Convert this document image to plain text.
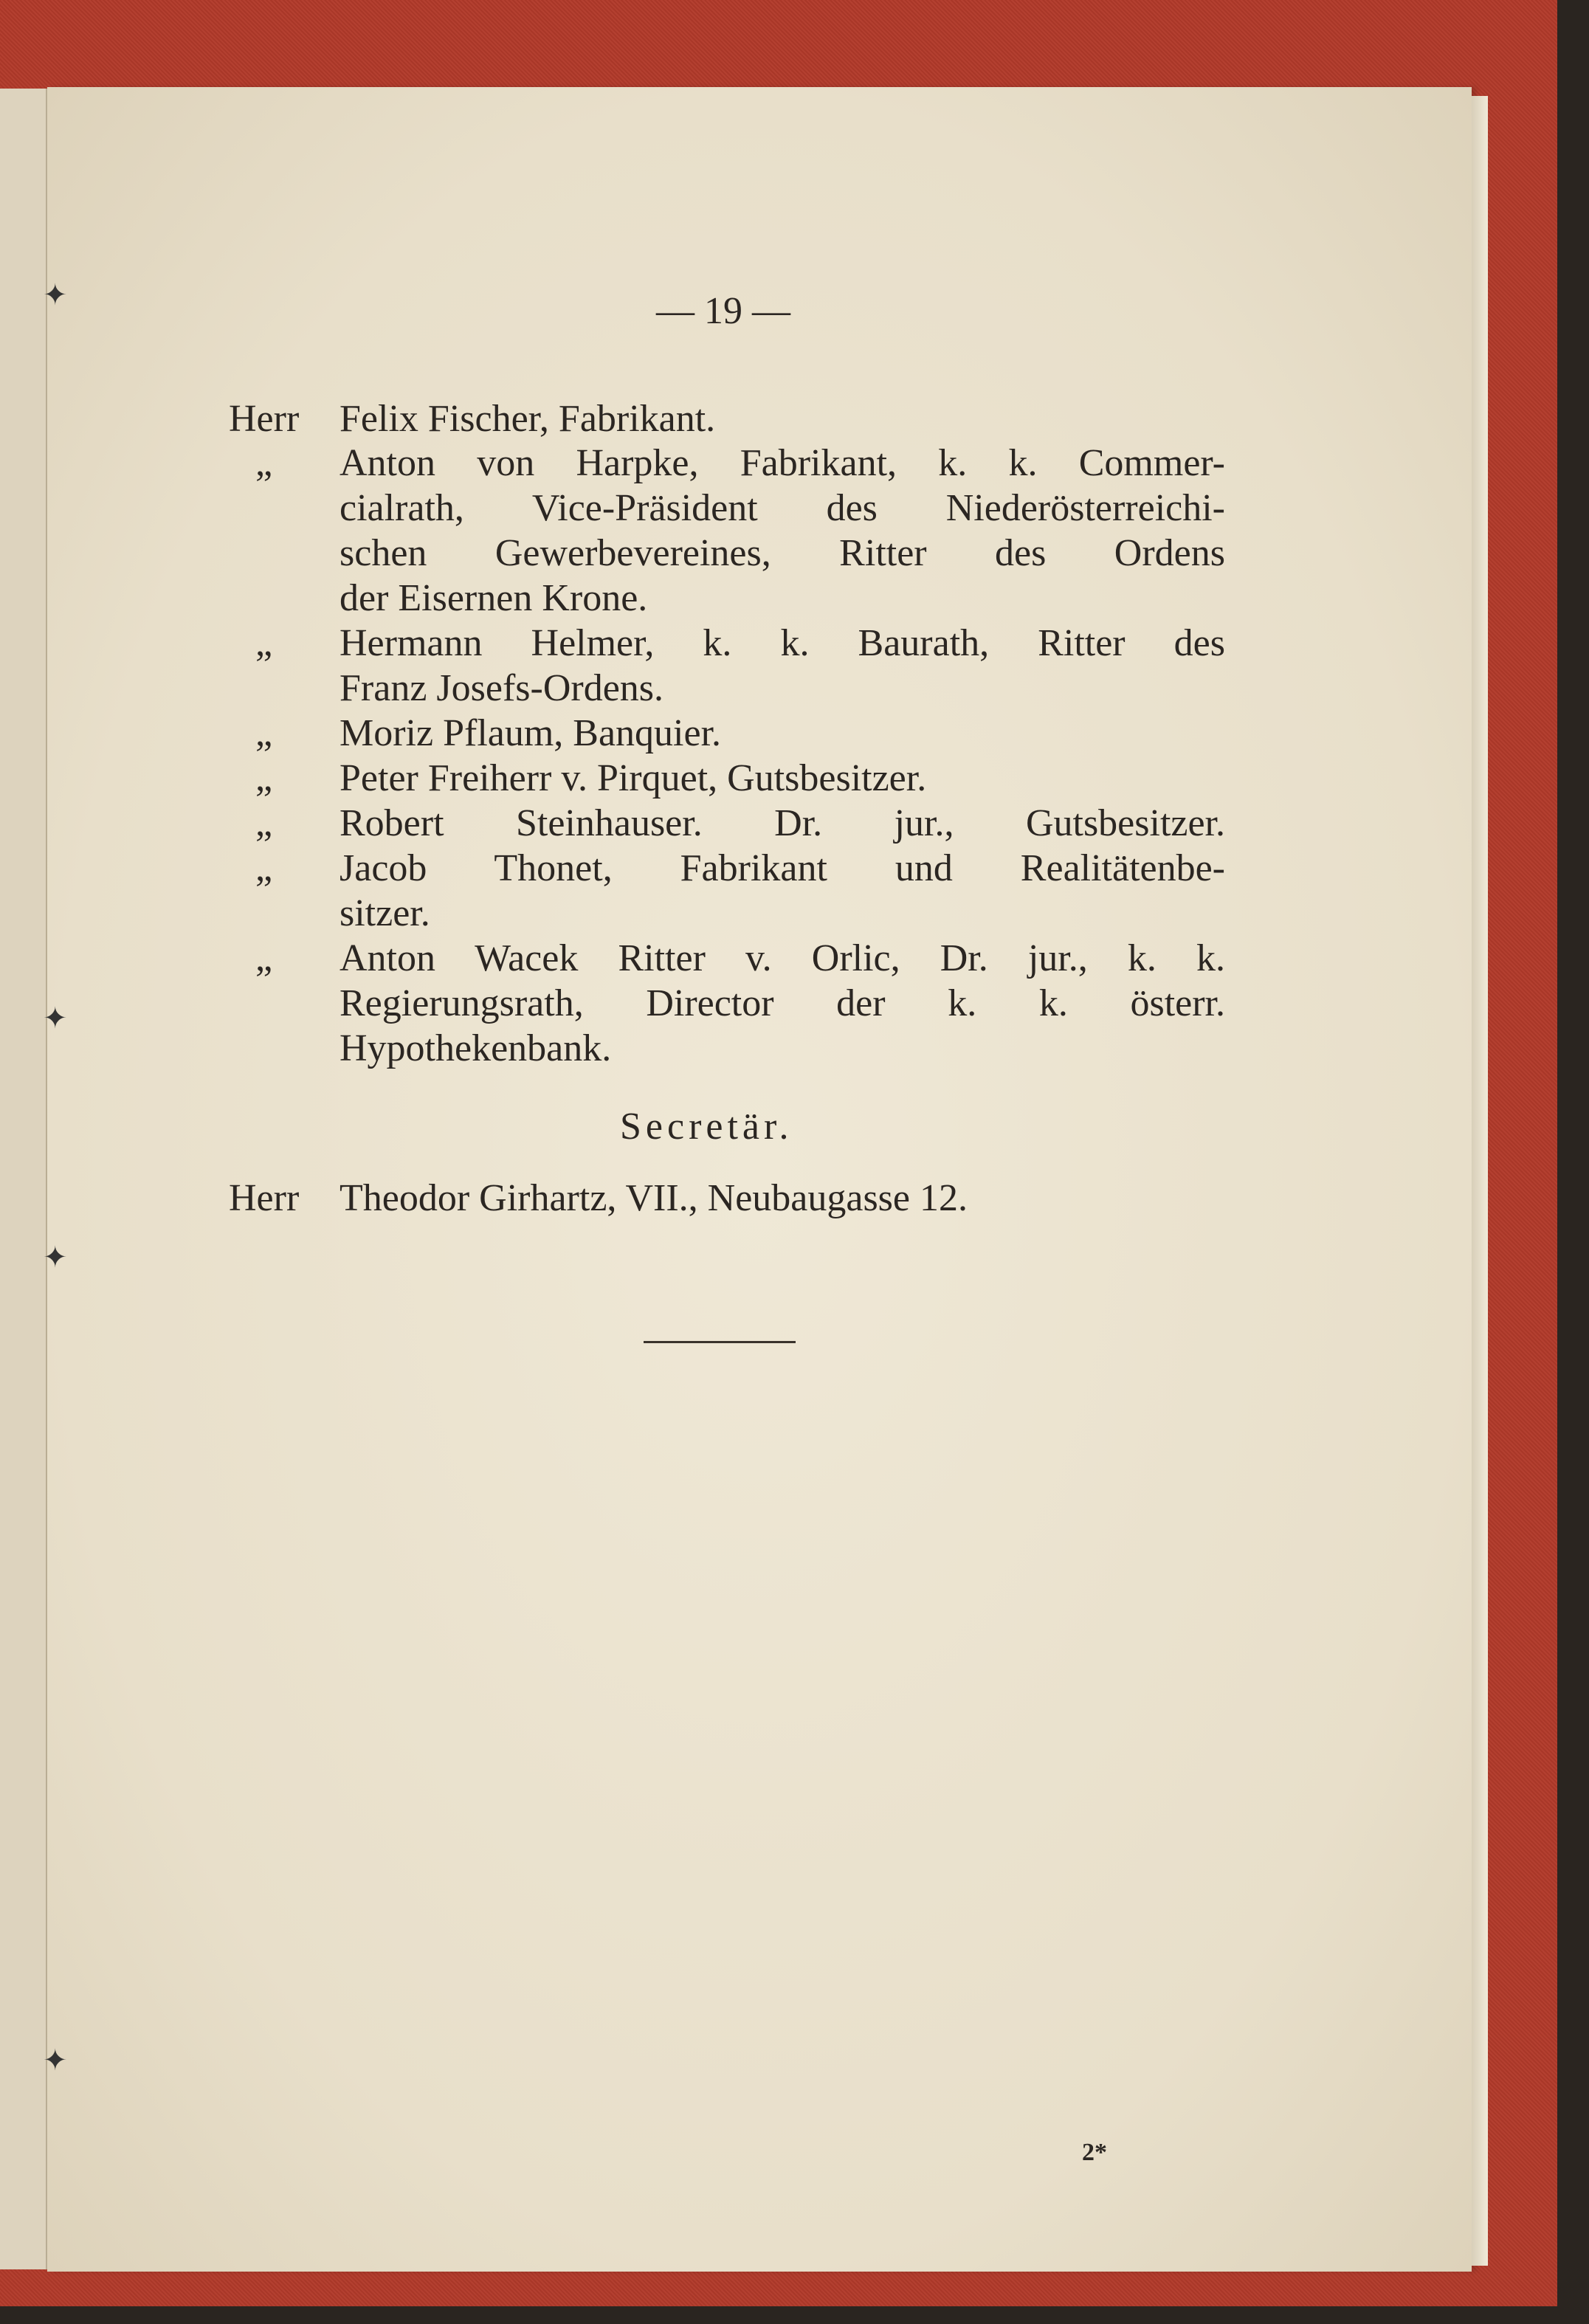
✦
✦
✦
✦
— 19 —
Herr Felix Fischer, Fabrikant.
„ Anton von Harpke, Fabrikant, k. k. Commer-
cialrath, Vice-Präsident des Niederösterreichi-
schen Gewerbevereines, Ritter des Ordens
der Eisernen Krone.
„ Hermann Helmer, k. k. Baurath, Ritter des
Franz Josefs-Ordens.
„ Moriz Pflaum, Banquier.
„ Peter Freiherr v. Pirquet, Gutsbesitzer.
„ Robert Steinhauser. Dr. jur., Gutsbesitzer.
„ Jacob Thonet, Fabrikant und Realitätenbe-
sitzer.
„ Anton Wacek Ritter v. Orlic, Dr. jur., k. k.
Regierungsrath, Director der k. k. österr.
Hypothekenbank.
Secretär.
Herr Theodor Girhartz, VII., Neubaugasse 12.
2*
